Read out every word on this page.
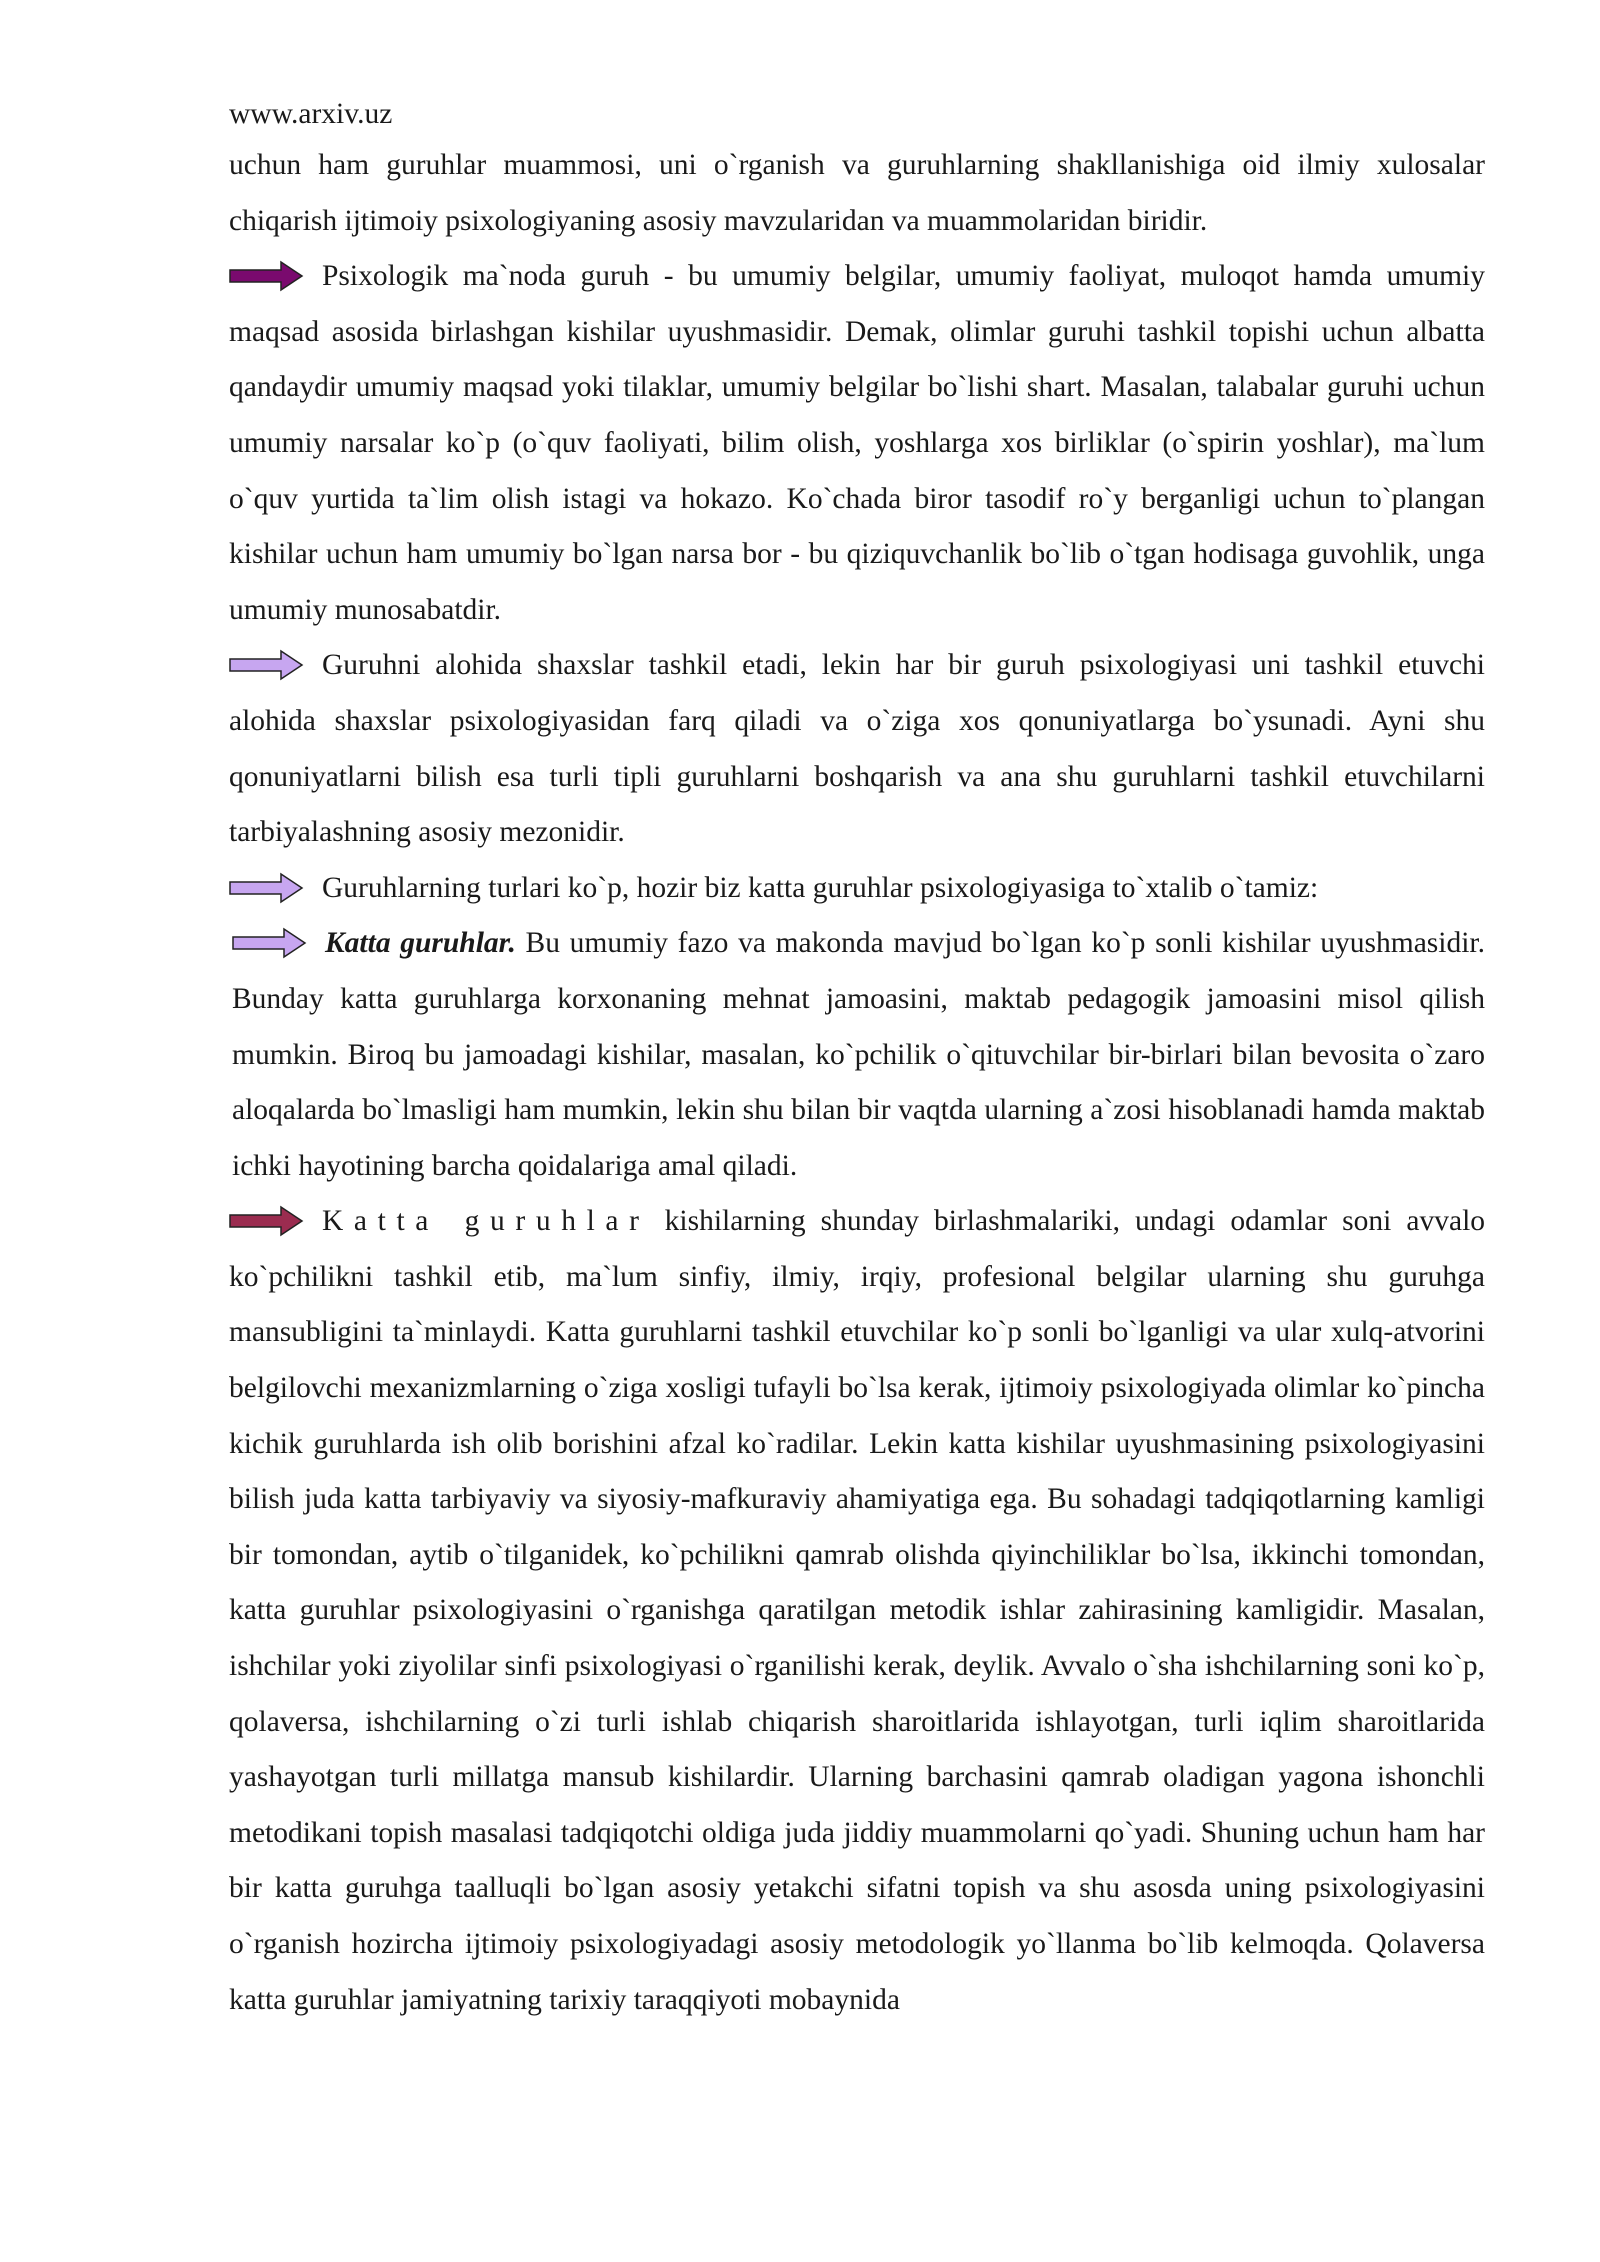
www.arxiv.uz

uchun ham guruhlar muammosi, uni o`rganish va guruhlarning shakllanishiga oid ilmiy xulosalar chiqarish ijtimoiy psixologiyaning asosiy mavzularidan va muammolaridan biridir.

Psixologik ma`noda guruh - bu umumiy belgilar, umumiy faoliyat, muloqot hamda umumiy maqsad asosida birlashgan kishilar uyushmasidir. Demak, olimlar guruhi tashkil topishi uchun albatta qandaydir umumiy maqsad yoki tilaklar, umumiy belgilar bo`lishi shart. Masalan, talabalar guruhi uchun umumiy narsalar ko`p (o`quv faoliyati, bilim olish, yoshlarga xos birliklar (o`spirin yoshlar), ma`lum o`quv yurtida ta`lim olish istagi va hokazo. Ko`chada biror tasodif ro`y berganligi uchun to`plangan kishilar uchun ham umumiy bo`lgan narsa bor - bu qiziquvchanlik bo`lib o`tgan hodisaga guvohlik, unga umumiy munosabatdir.

Guruhni alohida shaxslar tashkil etadi, lekin har bir guruh psixologiyasi uni tashkil etuvchi alohida shaxslar psixologiyasidan farq qiladi va o`ziga xos qonuniyatlarga bo`ysunadi. Ayni shu qonuniyatlarni bilish esa turli tipli guruhlarni boshqarish va ana shu guruhlarni tashkil etuvchilarni tarbiyalashning asosiy mezonidir.

Guruhlarning turlari ko`p, hozir biz katta guruhlar psixologiyasiga to`xtalib o`tamiz:

Katta guruhlar. Bu umumiy fazo va makonda mavjud bo`lgan ko`p sonli kishilar uyushmasidir. Bunday katta guruhlarga korxonaning mehnat jamoasini, maktab pedagogik jamoasini misol qilish mumkin. Biroq bu jamoadagi kishilar, masalan, ko`pchilik o`qituvchilar bir-birlari bilan bevosita o`zaro aloqalarda bo`lmasligi ham mumkin, lekin shu bilan bir vaqtda ularning a`zosi hisoblanadi hamda maktab ichki hayotining barcha qoidalariga amal qiladi.

Katta guruhlar kishilarning shunday birlashmalariki, undagi odamlar soni avvalo ko`pchilikni tashkil etib, ma`lum sinfiy, ilmiy, irqiy, profesional belgilar ularning shu guruhga mansubligini ta`minlaydi. Katta guruhlarni tashkil etuvchilar ko`p sonli bo`lganligi va ular xulq-atvorini belgilovchi mexanizmlarning o`ziga xosligi tufayli bo`lsa kerak, ijtimoiy psixologiyada olimlar ko`pincha kichik guruhlarda ish olib borishini afzal ko`radilar. Lekin katta kishilar uyushmasining psixologiyasini bilish juda katta tarbiyaviy va siyosiy-mafkuraviy ahamiyatiga ega. Bu sohadagi tadqiqotlarning kamligi bir tomondan, aytib o`tilganidek, ko`pchilikni qamrab olishda qiyinchiliklar bo`lsa, ikkinchi tomondan, katta guruhlar psixologiyasini o`rganishga qaratilgan metodik ishlar zahirasining kamligidir. Masalan, ishchilar yoki ziyolilar sinfi psixologiyasi o`rganilishi kerak, deylik. Avvalo o`sha ishchilarning soni ko`p, qolaversa, ishchilarning o`zi turli ishlab chiqarish sharoitlarida ishlayotgan, turli iqlim sharoitlarida yashayotgan turli millatga mansub kishilardir. Ularning barchasini qamrab oladigan yagona ishonchli metodikani topish masalasi tadqiqotchi oldiga juda jiddiy muammolarni qo`yadi. Shuning uchun ham har bir katta guruhga taalluqli bo`lgan asosiy yetakchi sifatni topish va shu asosda uning psixologiyasini o`rganish hozircha ijtimoiy psixologiyadagi asosiy metodologik yo`llanma bo`lib kelmoqda. Qolaversa katta guruhlar jamiyatning tarixiy taraqqiyoti mobaynida
